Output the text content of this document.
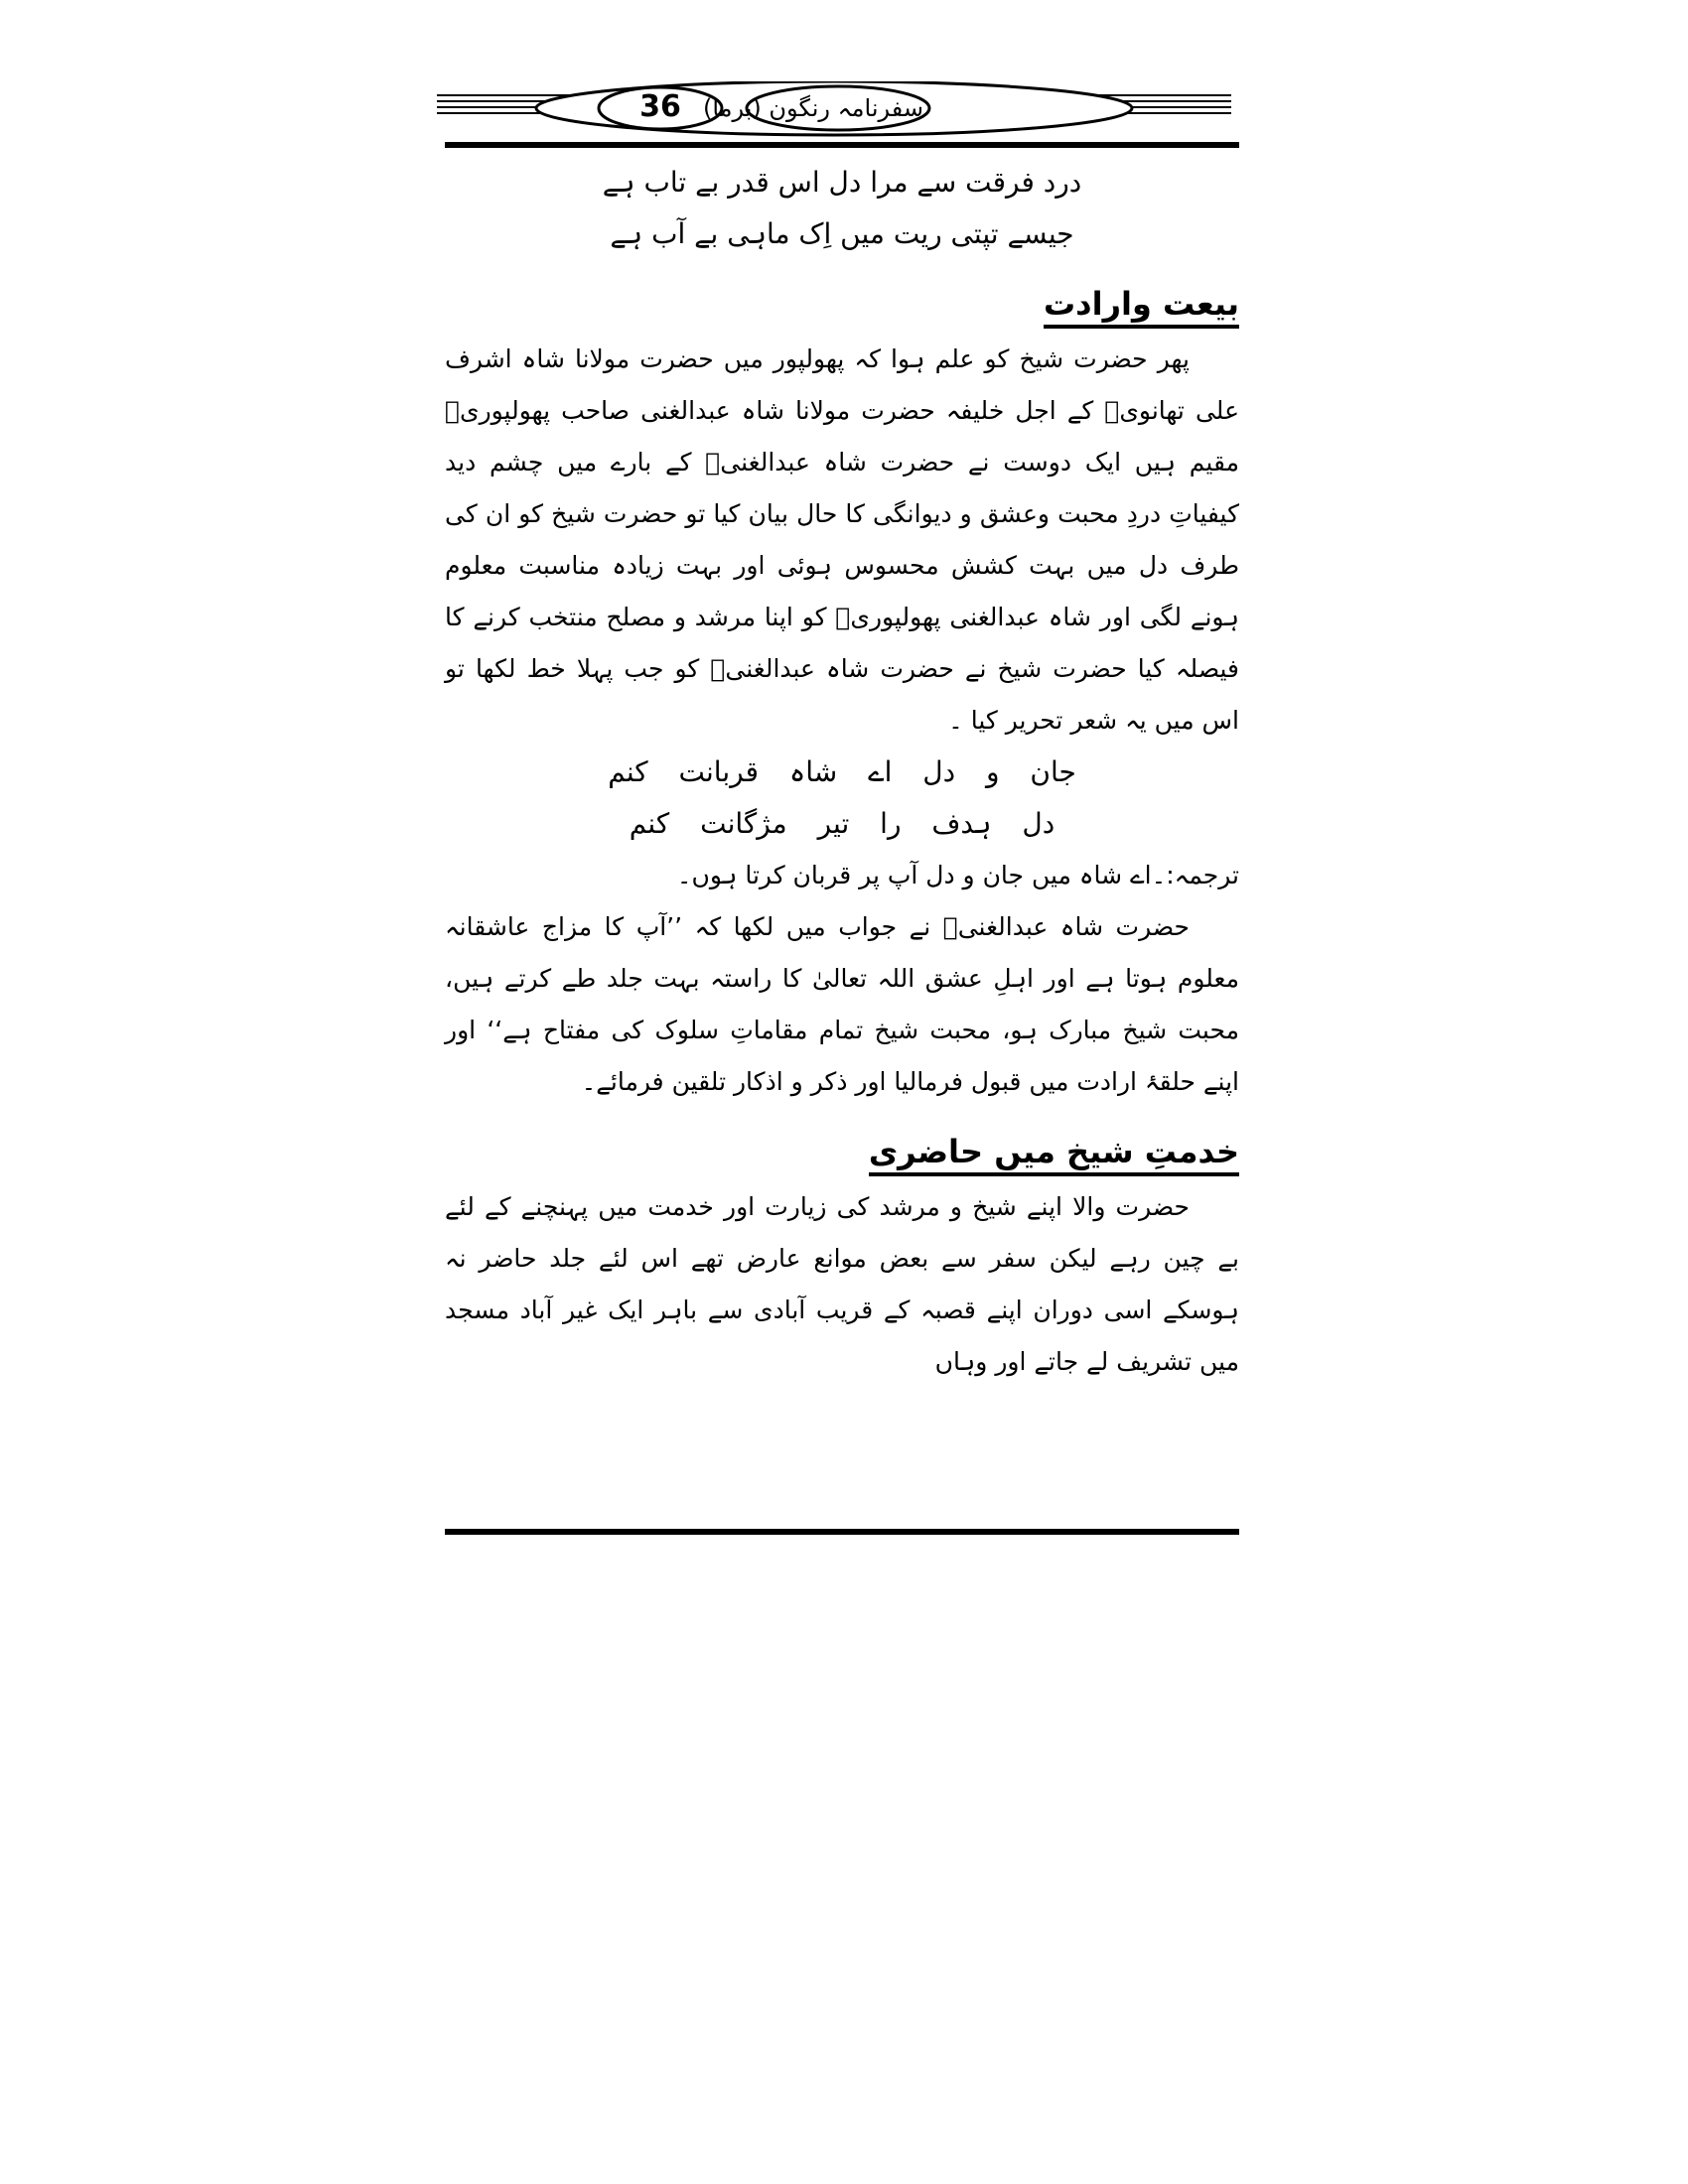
36 سفرنامہ رنگون (برما)
درد فرقت سے مرا دل اس قدر بے تاب ہے
جیسے تپتی ریت میں اِک ماہی بے آب ہے
بیعت وارادت

پھر حضرت شیخ کو علم ہوا کہ پھولپور میں حضرت مولانا شاہ اشرف علی تھانویؒ کے اجل خلیفہ حضرت مولانا شاہ عبدالغنی صاحب پھولپوریؒ مقیم ہیں ایک دوست نے حضرت شاہ عبدالغنیؒ کے بارے میں چشم دید کیفیاتِ دردِ محبت وعشق و دیوانگی کا حال بیان کیا تو حضرت شیخ کو ان کی طرف دل میں بہت کشش محسوس ہوئی اور بہت زیادہ مناسبت معلوم ہونے لگی اور شاہ عبدالغنی پھولپوریؒ کو اپنا مرشد و مصلح منتخب کرنے کا فیصلہ کیا حضرت شیخ نے حضرت شاہ عبدالغنیؒ کو جب پہلا خط لکھا تو اس میں یہ شعر تحریر کیا ۔

جان و دل اے شاہ قربانت کنم
دل ہدف را تیر مژگانت کنم

ترجمہ:۔اے شاہ میں جان و دل آپ پر قربان کرتا ہوں۔

حضرت شاہ عبدالغنیؒ نے جواب میں لکھا کہ ’’آپ کا مزاج عاشقانہ معلوم ہوتا ہے اور اہلِ عشق اللہ تعالیٰ کا راستہ بہت جلد طے کرتے ہیں، محبت شیخ مبارک ہو، محبت شیخ تمام مقاماتِ سلوک کی مفتاح ہے‘‘ اور اپنے حلقۂ ارادت میں قبول فرمالیا اور ذکر و اذکار تلقین فرمائے۔

خدمتِ شیخ میں حاضری

حضرت والا اپنے شیخ و مرشد کی زیارت اور خدمت میں پہنچنے کے لئے بے چین رہے لیکن سفر سے بعض موانع عارض تھے اس لئے جلد حاضر نہ ہوسکے اسی دوران اپنے قصبہ کے قریب آبادی سے باہر ایک غیر آباد مسجد میں تشریف لے جاتے اور وہاں
